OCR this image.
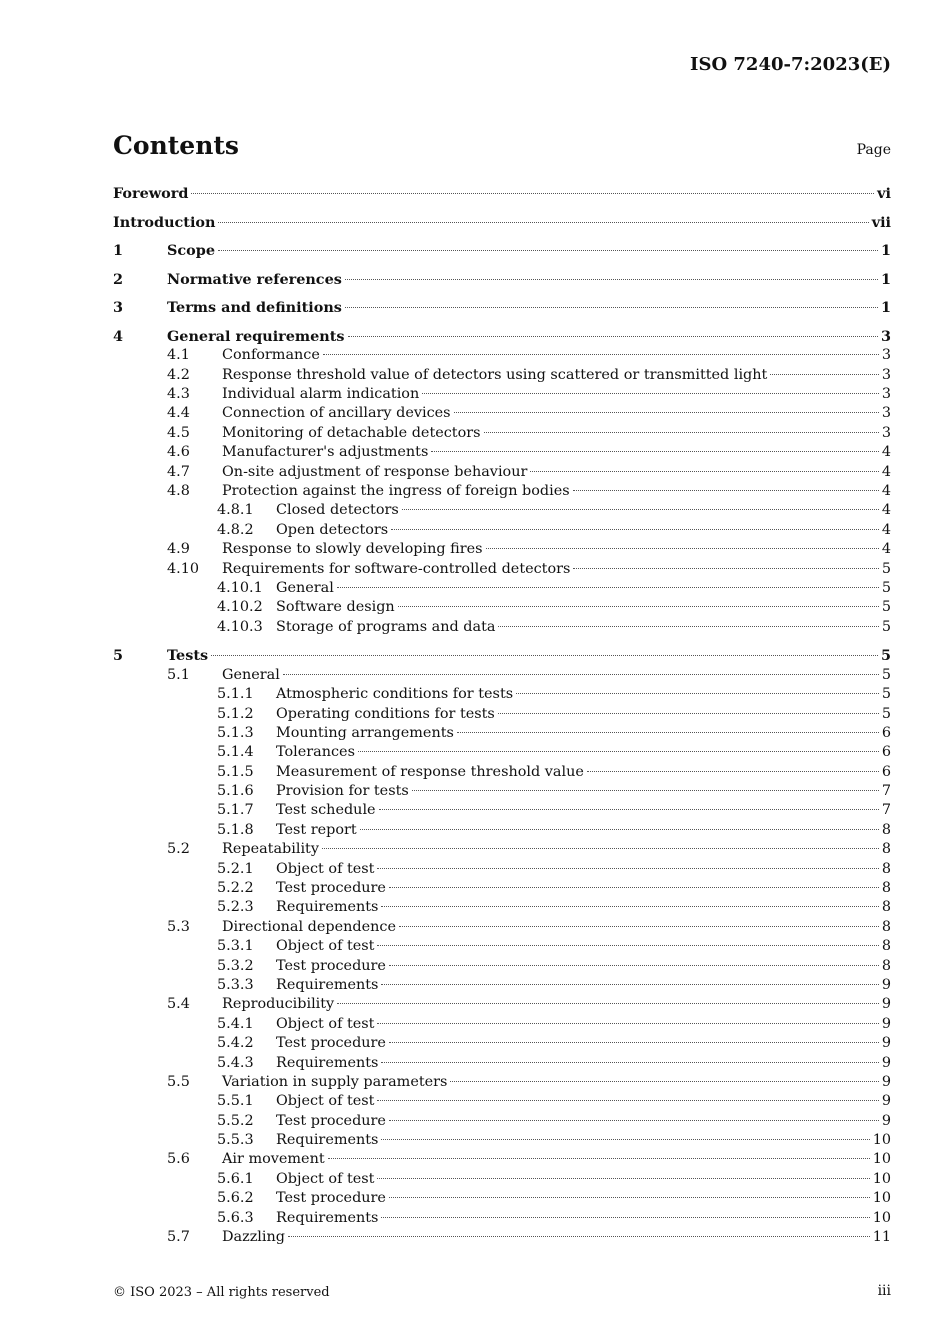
ISO 7240-7:2023(E)
Contents	Page
Foreword	vi
Introduction	vii
1	Scope	1
2	Normative references	1
3	Terms and definitions	1
4	General requirements	3
4.1 Conformance	3
4.2 Response threshold value of detectors using scattered or transmitted light	3
4.3 Individual alarm indication	3
4.4 Connection of ancillary devices	3
4.5 Monitoring of detachable detectors	3
4.6 Manufacturer's adjustments	4
4.7 On-site adjustment of response behaviour	4
4.8 Protection against the ingress of foreign bodies	4
4.8.1 Closed detectors	4
4.8.2 Open detectors	4
4.9 Response to slowly developing fires	4
4.10 Requirements for software-controlled detectors	5
4.10.1 General	5
4.10.2 Software design	5
4.10.3 Storage of programs and data	5
5	Tests	5
5.1 General	5
5.1.1 Atmospheric conditions for tests	5
5.1.2 Operating conditions for tests	5
5.1.3 Mounting arrangements	6
5.1.4 Tolerances	6
5.1.5 Measurement of response threshold value	6
5.1.6 Provision for tests	7
5.1.7 Test schedule	7
5.1.8 Test report	8
5.2 Repeatability	8
5.2.1 Object of test	8
5.2.2 Test procedure	8
5.2.3 Requirements	8
5.3 Directional dependence	8
5.3.1 Object of test	8
5.3.2 Test procedure	8
5.3.3 Requirements	9
5.4 Reproducibility	9
5.4.1 Object of test	9
5.4.2 Test procedure	9
5.4.3 Requirements	9
5.5 Variation in supply parameters	9
5.5.1 Object of test	9
5.5.2 Test procedure	9
5.5.3 Requirements	10
5.6 Air movement	10
5.6.1 Object of test	10
5.6.2 Test procedure	10
5.6.3 Requirements	10
5.7 Dazzling	11
© ISO 2023 – All rights reserved	iii
